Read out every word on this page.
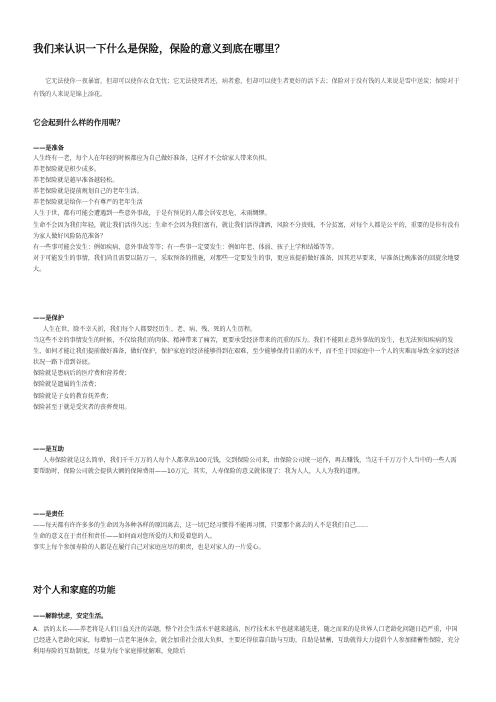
我们来认识一下什么是保险，保险的意义到底在哪里？

它无法使你一夜暴富，但却可以使你衣食无忧；它无法使死者还，病者愈，但却可以使生者更好的活下去；保险对于没有钱的人来说是雪中送炭；保险对于有钱的人来说是锦上添花。

它会起到什么样的作用呢？
——是准备

人生终有一老，每个人在年轻的时候都应为自己做好准备，这样才不会给家人带来负担。

养老保险就是积少成多。

养老保险就是越早准备越轻松。

养老保险就是提前规划自己的老年生活。

养老保险就是给你一个有尊严的老年生活

人生于世，都有可能会遭遇到一些意外事故，于是有预见的人都会居安思危，未雨绸缪。

生命不会因为我们年轻，就让我们活得久远；生命不会因为我们富有，就让我们活得潇洒，风险不分贵贱，不分贫富，对每个人都是公平的，重要的是你有没有为家人做好风险防范准备？

有一些事可能会发生：例如疾病、意外事故等等；有一些事一定要发生：例如年老、体弱、孩子上学和结婚等等。

对于可能发生的事情，我们尚且需要以防万一，采取预备的措施，对那些一定要发生的事，更应该提前做好准备，因其迟早要来，早准备比晚准备的回旋余地要大。

——是保护

人生在世，除不幸夭折，我们每个人都要经历生、老、病、残、死的人生历程。

当这些不幸的事情发生的时候，不仅给我们的肉体、精神带来了痛苦，更要承受经济带来的沉重的压力。我们不能阻止意外事故的发生，也无法预知疾病的发生，如何才能让我们提前做好准备，做好保护，保护家庭的经济能够得到在艰难，至少能够保持目前的水平，而不至于因家庭中一个人的灾难而导致全家的经济状况一路下滑到谷底。

保险就是患病后的医疗费和营养费；

保险就是遗属的生活费；

保险就是子女的教育抚养费；

保险甚至于就是受灾者的丧葬费用。

——是互助

人寿保险就是这么简单，我们千千万万的人每个人都拿出100元钱，交到保险公司来，由保险公司统一运作，再去赚钱，当这千千万万个人当中的一些人需要帮助时，保险公司就会提供大额的保障费用——10万元，其实，人寿保险的意义就体现了：我为人人，人人为我的道理。

——是责任

——每天都有许许多多的生命因为各种各样的原因离去，这一切已经习惯得不能再习惯，只要那个离去的人不是我们自己……

生命的意义在于责任和责任——如何面对您所爱的人和爱着您的人。

事实上每个参加寿险的人都是在履行自己对家庭应尽的职责，也是对家人的一片爱心。

对个人和家庭的功能
——解除忧虑，安定生活。

A．活的太长——养老将是人们日益关注的话题，整个社会生活水平越来越高，医疗技术水平也越来越先进，随之而来的是世界人口老龄化问题日趋严重，中国已经进入老龄化国家，每增加一点老年退休金，就会加重社会很大负担，主要还得依靠自助与互助，自助是储蓄，互助就得大力提倡个人参加储蓄性保险，充分利用寿险的互助制度，尽量为每个家庭排忧解难，免除后
